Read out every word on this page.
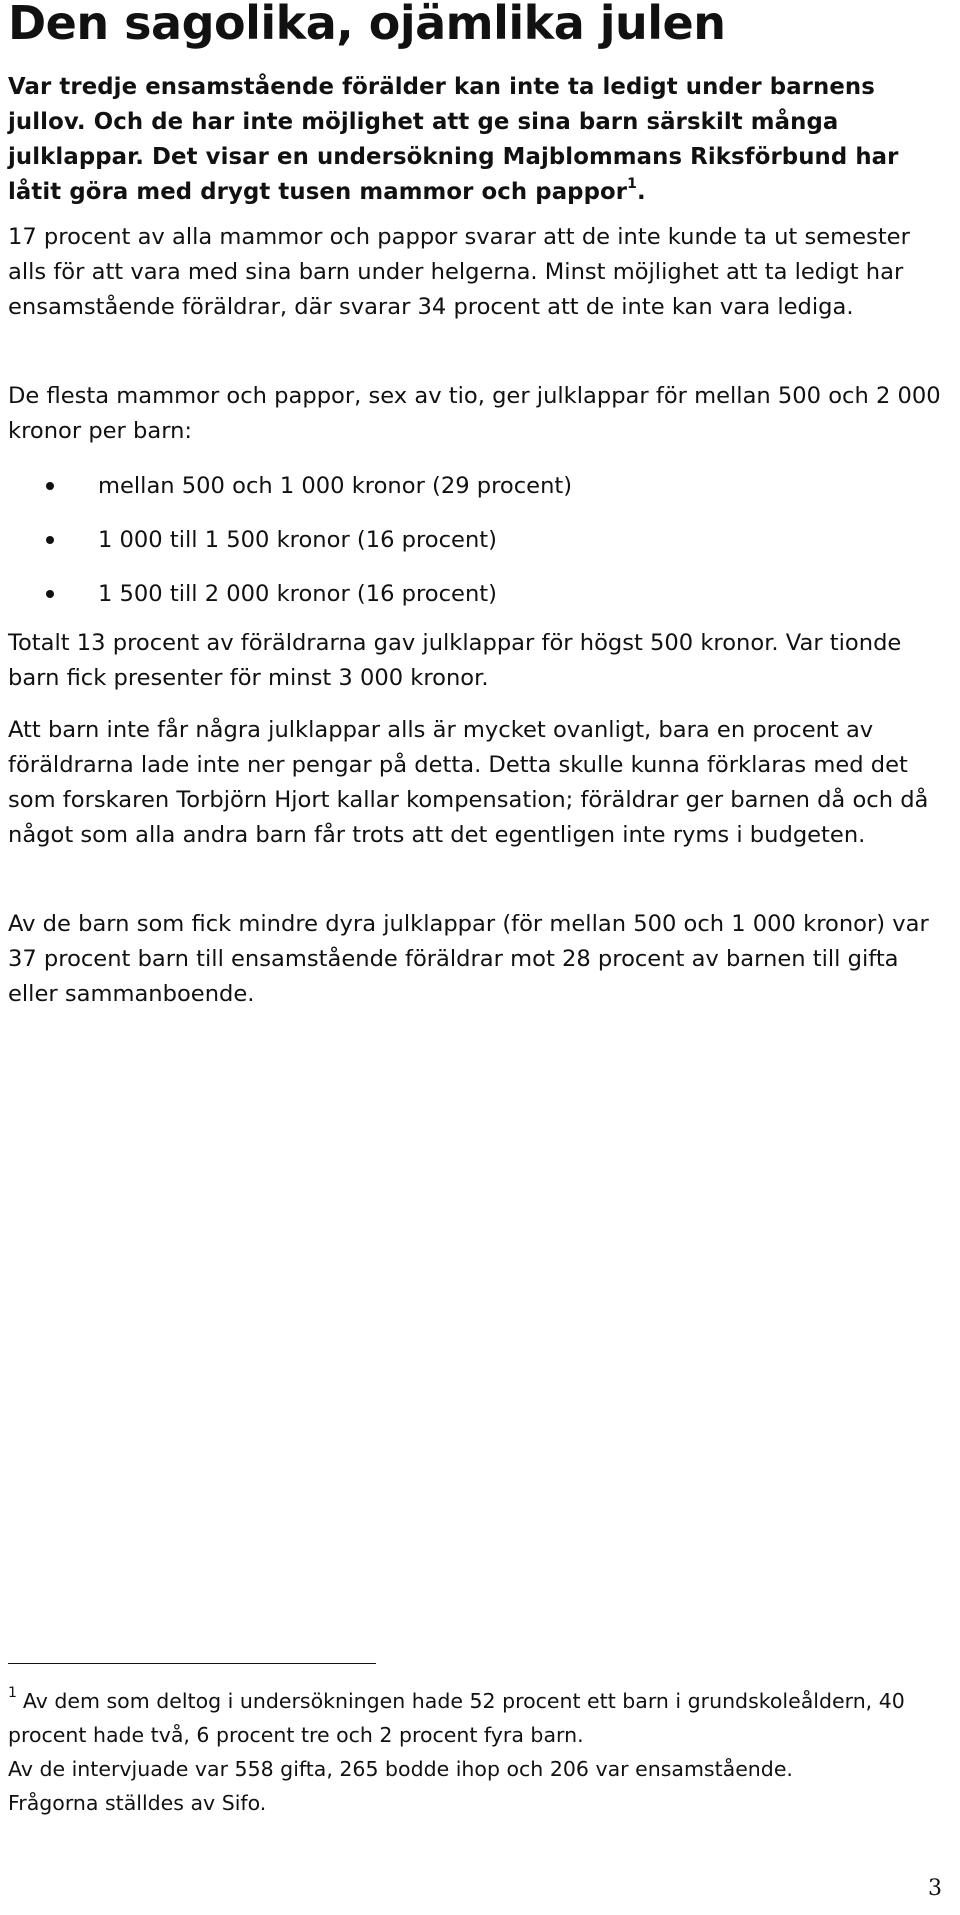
Den sagolika, ojämlika julen

Var tredje ensamstående förälder kan inte ta ledigt under barnens jullov. Och de har inte möjlighet att ge sina barn särskilt många julklappar. Det visar en undersökning Majblommans Riksförbund har låtit göra med drygt tusen mammor och pappor$^1$.

17 procent av alla mammor och pappor svarar att de inte kunde ta ut semester alls för att vara med sina barn under helgerna. Minst möjlighet att ta ledigt har ensamstående föräldrar, där svarar 34 procent att de inte kan vara lediga.

De flesta mammor och pappor, sex av tio, ger julklappar för mellan 500 och 2 000 kronor per barn:

mellan 500 och 1 000 kronor (29 procent)
1 000 till 1 500 kronor (16 procent)
1 500 till 2 000 kronor (16 procent)

Totalt 13 procent av föräldrarna gav julklappar för högst 500 kronor. Var tionde barn fick presenter för minst 3 000 kronor.

Att barn inte får några julklappar alls är mycket ovanligt, bara en procent av föräldrarna lade inte ner pengar på detta. Detta skulle kunna förklaras med det som forskaren Torbjörn Hjort kallar kompensation; föräldrar ger barnen då och då något som alla andra barn får trots att det egentligen inte ryms i budgeten.

Av de barn som fick mindre dyra julklappar (för mellan 500 och 1 000 kronor) var 37 procent barn till ensamstående föräldrar mot 28 procent av barnen till gifta eller sammanboende.

$^1$ Av dem som deltog i undersökningen hade 52 procent ett barn i grundskoleåldern, 40 procent hade två, 6 procent tre och 2 procent fyra barn.
Av de intervjuade var 558 gifta, 265 bodde ihop och 206 var ensamstående.
Frågorna ställdes av Sifo.
3
